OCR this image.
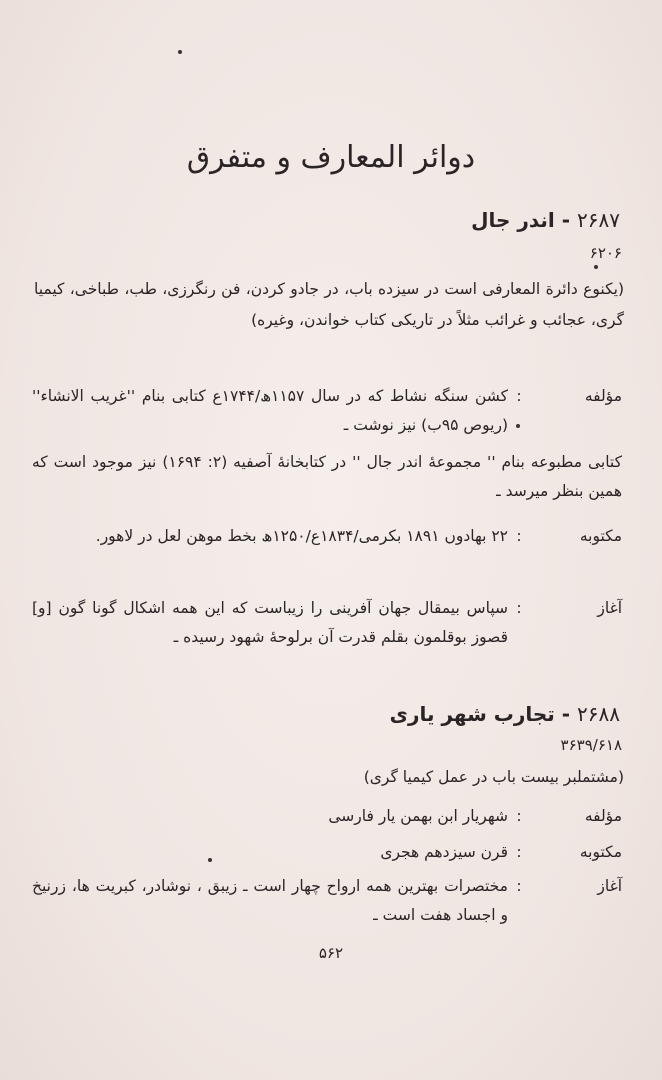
دوائر المعارف و متفرق
۲۶۸۷ - اندر جال
۶۲۰۶
(یکنوع دائرة المعارفی است در سیزده باب، در جادو کردن، فن رنگرزی، طب، طباخی، کیمیا گری، عجائب و غرائب مثلاً در تاریکی کتاب خواندن، وغیره)
مؤلفه
:
کشن سنگه نشاط که در سال ۱۱۵۷ھ/۱۷۴۴ع کتابی بنام ''غریب الانشاء'' (ریوص ۹۵ب) نیز نوشت ـ
کتابی مطبوعه بنام '' مجموعهٔ اندر جال '' در کتابخانهٔ آصفیه (۲: ۱۶۹۴) نیز موجود است که همین بنظر میرسد ـ
مکتوبه
:
۲۲ بهادوں ۱۸۹۱ بکرمی/۱۸۳۴ع/۱۲۵۰ھ بخط موهن لعل در لاهور.
آغاز
:
سپاس بیمقال جهان آفرینی را زیباست که این همه اشکال گونا گون [و] قصوز بوقلمون بقلم قدرت آن برلوحهٔ شهود رسیده ـ
۲۶۸۸ - تجارب شهر یاری
۳۶۳۹/۶۱۸
(مشتملبر بیست باب در عمل کیمیا گری)
مؤلفه
:
شهریار ابن بهمن یار فارسی
مکتوبه
:
قرن سیزدهم هجری
آغاز
:
مختصرات بهترین همه ارواح چهار است ـ زیبق ، نوشادر، کبریت ها، زرنیخ و اجساد هفت است ـ
۵۶۲
